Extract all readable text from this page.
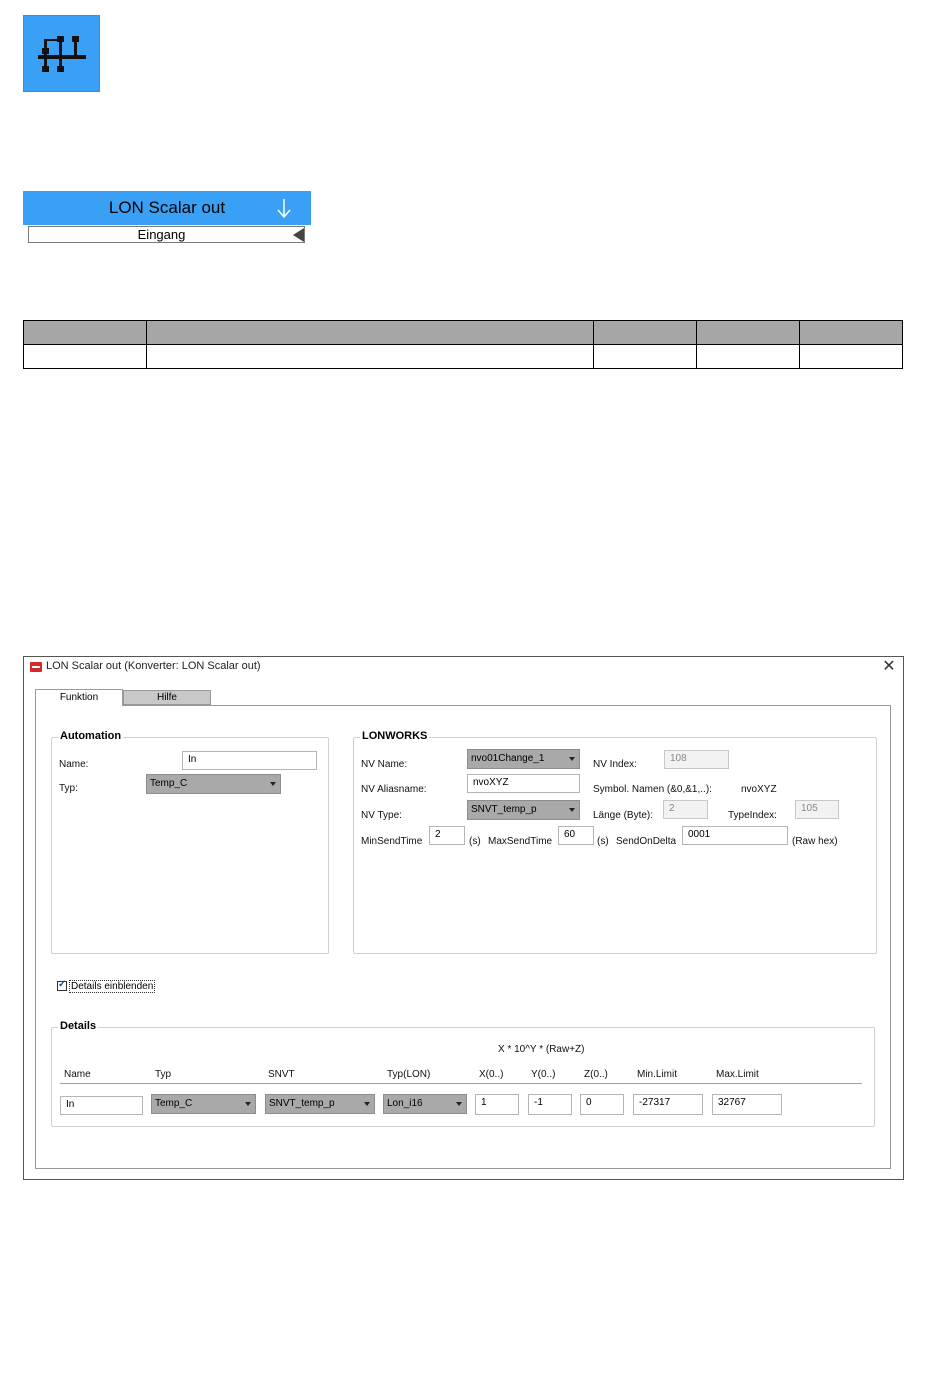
LON Scalar out
Eingang

LON Scalar out (Konverter: LON Scalar out)	✕
Funktion	Hilfe
Automation
Name:	In
Typ:	Temp_C
LONWORKS
NV Name:
nvo01Change_1
NV Index:
108
NV Aliasname:
nvoXYZ
Symbol. Namen (&0,&1,..):	nvoXYZ
NV Type:
SNVT_temp_p
Länge (Byte):
2
TypeIndex:
105
MinSendTime
2
(s) MaxSendTime
60
(s) SendOnDelta
0001
(Raw hex)
✓
Details einblenden
Details
X * 10^Y * (Raw+Z)
Name	Typ	SNVT	Typ(LON)	X(0..)	Y(0..)	Z(0..)	Min.Limit	Max.Limit
In	Temp_C	SNVT_temp_p	Lon_i16	1	-1	0	-27317	32767
